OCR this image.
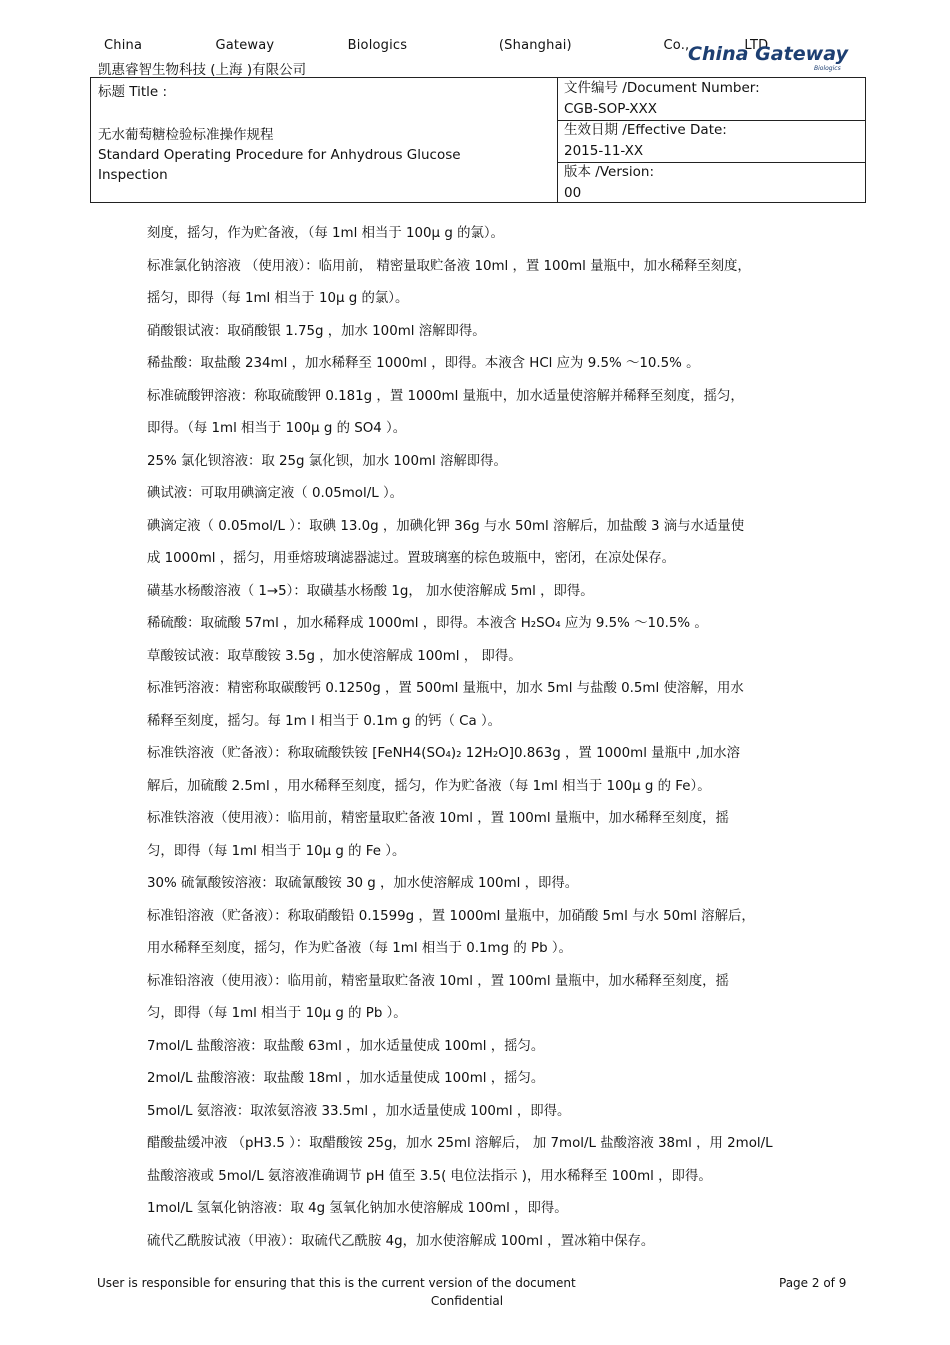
China    Gateway    Biologics     (Shanghai)     Co.,   LTD
凯惠睿智生物科技 (上海 )有限公司
China Gateway
Biologics
标题 Title :
无水葡萄糖检验标准操作规程
Standard Operating Procedure for Anhydrous Glucose
Inspection
文件编号 /Document Number:
CGB-SOP-XXX
生效日期 /Effective Date:
2015-11-XX
版本 /Version:
00

刻度，摇匀，作为贮备液，（每 1ml 相当于 100μ g 的氯）。

标准氯化钠溶液 （使用液）：临用前， 精密量取贮备液 10ml ，置 100ml 量瓶中，加水稀释至刻度，

摇匀，即得（每 1ml 相当于 10μ g 的氯）。

硝酸银试液：取硝酸银 1.75g ，加水 100ml 溶解即得。

稀盐酸：取盐酸 234ml ，加水稀释至 1000ml ，即得。本液含 HCl 应为 9.5% ～10.5% 。

标准硫酸钾溶液：称取硫酸钾 0.181g ，置 1000ml 量瓶中，加水适量使溶解并稀释至刻度，摇匀，

即得。（每 1ml 相当于 100μ g 的 SO4 ）。

25% 氯化钡溶液：取 25g 氯化钡，加水 100ml 溶解即得。

碘试液：可取用碘滴定液（ 0.05mol/L ）。

碘滴定液（ 0.05mol/L ）：取碘 13.0g ，加碘化钾 36g 与水 50ml 溶解后，加盐酸 3 滴与水适量使

成 1000ml ，摇匀，用垂熔玻璃滤器滤过。置玻璃塞的棕色玻瓶中，密闭，在凉处保存。

磺基水杨酸溶液（ 1→5）：取磺基水杨酸 1g， 加水使溶解成 5ml ，即得。

稀硫酸：取硫酸 57ml ，加水稀释成 1000ml ，即得。本液含 H₂SO₄ 应为 9.5% ～10.5% 。

草酸铵试液：取草酸铵 3.5g ，加水使溶解成 100ml ， 即得。

标准钙溶液：精密称取碳酸钙 0.1250g ，置 500ml 量瓶中，加水 5ml 与盐酸 0.5ml 使溶解，用水

稀释至刻度，摇匀。每 1m l 相当于 0.1m g 的钙（ Ca ）。

标准铁溶液（贮备液）：称取硫酸铁铵 [FeNH4(SO₄)₂ 12H₂O]0.863g ，置 1000ml 量瓶中 ,加水溶

解后，加硫酸 2.5ml ，用水稀释至刻度，摇匀，作为贮备液（每 1ml 相当于 100μ g 的 Fe）。

标准铁溶液（使用液）：临用前，精密量取贮备液 10ml ，置 100ml 量瓶中，加水稀释至刻度，摇

匀，即得（每 1ml 相当于 10μ g 的 Fe ）。

30% 硫氰酸铵溶液：取硫氰酸铵 30 g ，加水使溶解成 100ml ，即得。

标准铅溶液（贮备液）：称取硝酸铅 0.1599g ，置 1000ml 量瓶中，加硝酸 5ml 与水 50ml 溶解后，

用水稀释至刻度，摇匀，作为贮备液（每 1ml 相当于 0.1mg 的 Pb ）。

标准铅溶液（使用液）：临用前，精密量取贮备液 10ml ，置 100ml 量瓶中，加水稀释至刻度，摇

匀，即得（每 1ml 相当于 10μ g 的 Pb ）。

7mol/L 盐酸溶液：取盐酸 63ml ，加水适量使成 100ml ，摇匀。

2mol/L 盐酸溶液：取盐酸 18ml ，加水适量使成 100ml ，摇匀。

5mol/L 氨溶液：取浓氨溶液 33.5ml ，加水适量使成 100ml ，即得。

醋酸盐缓冲液 （pH3.5 ）：取醋酸铵 25g，加水 25ml 溶解后， 加 7mol/L 盐酸溶液 38ml ，用 2mol/L

盐酸溶液或 5mol/L 氨溶液准确调节 pH 值至 3.5( 电位法指示 )，用水稀释至 100ml ，即得。

1mol/L 氢氧化钠溶液：取 4g 氢氧化钠加水使溶解成 100ml ，即得。

硫代乙酰胺试液（甲液）：取硫代乙酰胺 4g，加水使溶解成 100ml ，置冰箱中保存。

User is responsible for ensuring that this is the current version of the document	Page 2 of 9
Confidential
